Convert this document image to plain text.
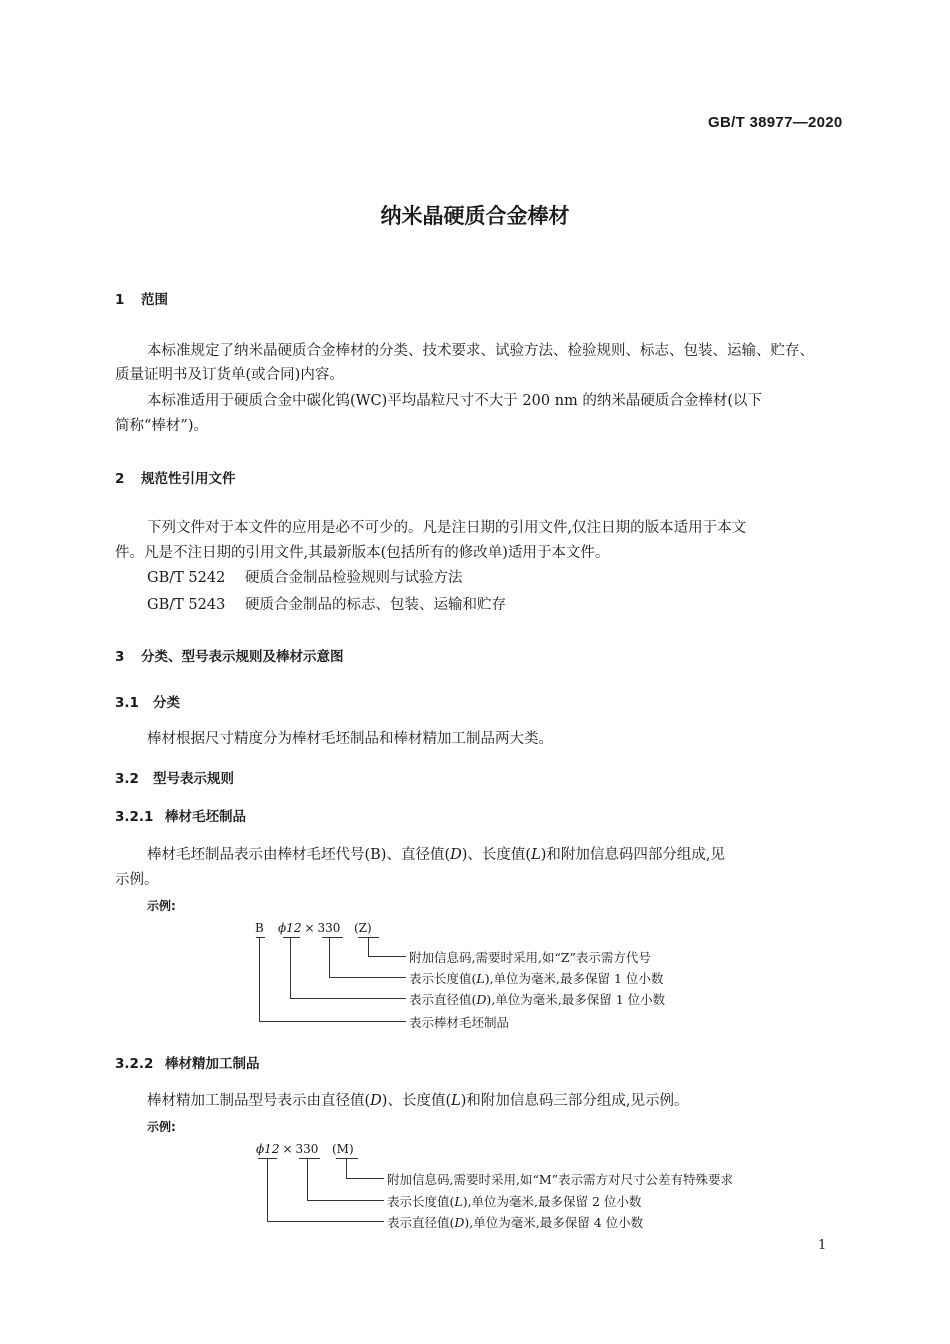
GB/T 38977—2020
纳米晶硬质合金棒材
1 范围
本标准规定了纳米晶硬质合金棒材的分类、技术要求、试验方法、检验规则、标志、包装、运输、贮存、
质量证明书及订货单(或合同)内容。
本标准适用于硬质合金中碳化钨(WC)平均晶粒尺寸不大于 200 nm 的纳米晶硬质合金棒材(以下
简称“棒材”)。
2 规范性引用文件
下列文件对于本文件的应用是必不可少的。凡是注日期的引用文件,仅注日期的版本适用于本文
件。凡是不注日期的引用文件,其最新版本(包括所有的修改单)适用于本文件。
GB/T 5242 硬质合金制品检验规则与试验方法
GB/T 5243 硬质合金制品的标志、包装、运输和贮存
3 分类、型号表示规则及棒材示意图
3.1 分类
棒材根据尺寸精度分为棒材毛坯制品和棒材精加工制品两大类。
3.2 型号表示规则
3.2.1 棒材毛坯制品
棒材毛坯制品表示由棒材毛坯代号(B)、直径值(D)、长度值(L)和附加信息码四部分组成,见
示例。
示例:
B ϕ12 × 330 (Z)
附加信息码,需要时采用,如“Z”表示需方代号
表示长度值(L),单位为毫米,最多保留 1 位小数
表示直径值(D),单位为毫米,最多保留 1 位小数
表示棒材毛坯制品
3.2.2 棒材精加工制品
棒材精加工制品型号表示由直径值(D)、长度值(L)和附加信息码三部分组成,见示例。
示例:
ϕ12 × 330 (M)
附加信息码,需要时采用,如“M”表示需方对尺寸公差有特殊要求
表示长度值(L),单位为毫米,最多保留 2 位小数
表示直径值(D),单位为毫米,最多保留 4 位小数
1
